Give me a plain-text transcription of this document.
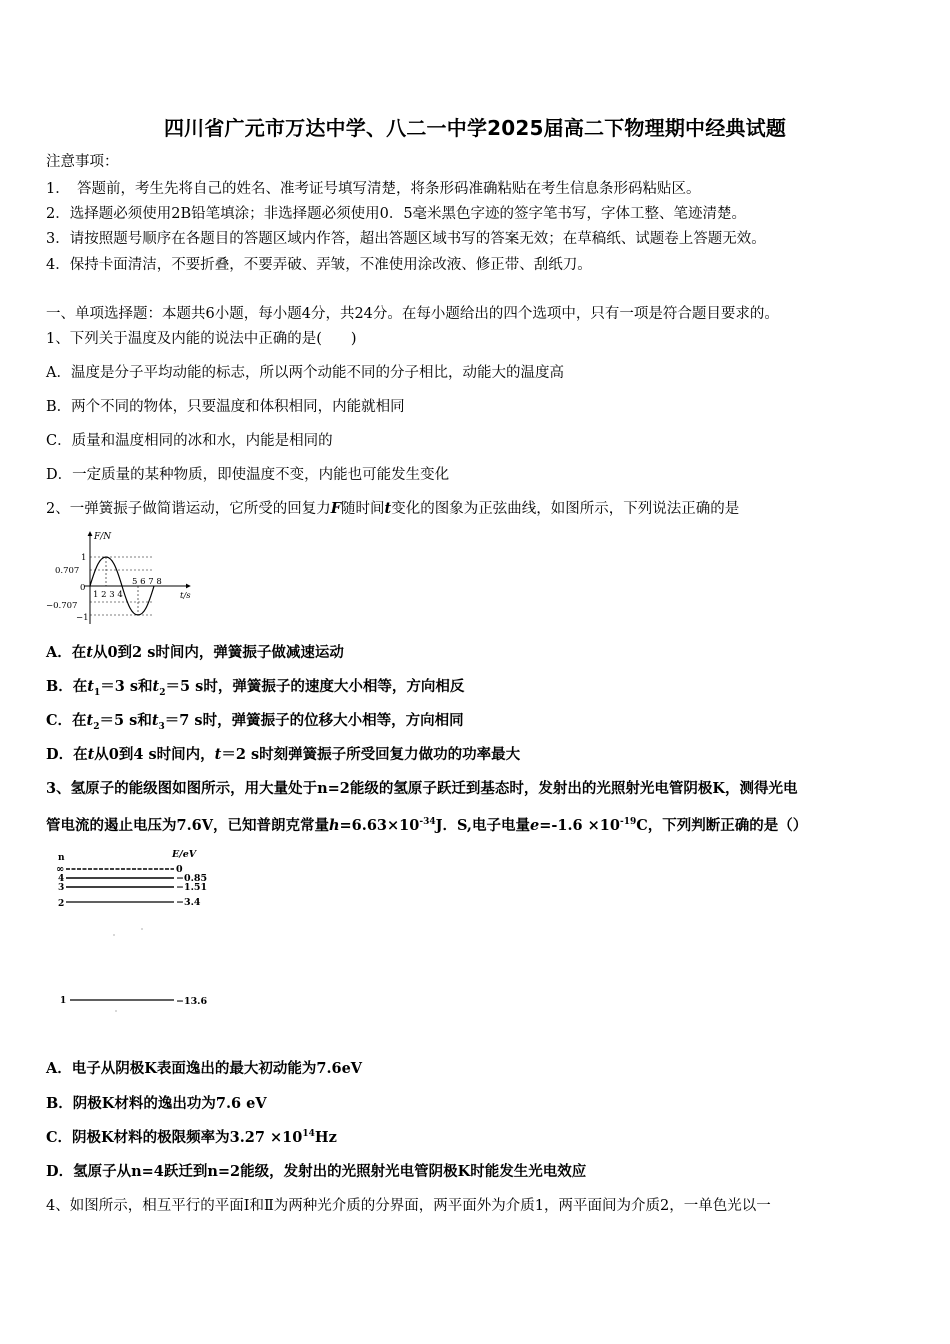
四川省广元市万达中学、八二一中学2025届高二下物理期中经典试题
注意事项：
1．　答题前，考生先将自己的姓名、准考证号填写清楚，将条形码准确粘贴在考生信息条形码粘贴区。
2．选择题必须使用2B铅笔填涂；非选择题必须使用0．5毫米黑色字迹的签字笔书写，字体工整、笔迹清楚。
3．请按照题号顺序在各题目的答题区域内作答，超出答题区域书写的答案无效；在草稿纸、试题卷上答题无效。
4．保持卡面清洁，不要折叠，不要弄破、弄皱，不准使用涂改液、修正带、刮纸刀。
一、单项选择题：本题共6小题，每小题4分，共24分。在每小题给出的四个选项中，只有一项是符合题目要求的。
1、下列关于温度及内能的说法中正确的是(　　)
A．温度是分子平均动能的标志，所以两个动能不同的分子相比，动能大的温度高
B．两个不同的物体，只要温度和体积相同，内能就相同
C．质量和温度相同的冰和水，内能是相同的
D．一定质量的某种物质，即使温度不变，内能也可能发生变化
2、一弹簧振子做简谐运动，它所受的回复力F随时间t变化的图象为正弦曲线，如图所示，下列说法正确的是
F/N
1
0.707
0
−0.707
−1
1 2 3 4
5 6 7 8
t/s
A．在t从0到2 s时间内，弹簧振子做减速运动
B．在$t_1=3$ s和$t_2=5$ s时，弹簧振子的速度大小相等，方向相反
C．在$t_2=5$ s和$t_3=7$ s时，弹簧振子的位移大小相等，方向相同
D．在t从0到4 s时间内，t＝2 s时刻弹簧振子所受回复力做功的功率最大
3、氢原子的能级图如图所示，用大量处于n=2能级的氢原子跃迁到基态时，发射出的光照射光电管阴极K，测得光电
管电流的遏止电压为7.6V，已知普朗克常量$h=6.63\times 10^{-34}J$．S,电子电量$e=-1.6 \times 10^{-19}C$，下列判断正确的是（）
n	E/eV
∞	0
4	−0.85
3	−1.51
2	−3.4
1	−13.6
A．电子从阴极K表面逸出的最大初动能为7.6eV
B．阴极K材料的逸出功为7.6 eV
C．阴极K材料的极限频率为$3.27 \times 10^{14}Hz$
D．氢原子从n=4跃迁到n=2能级，发射出的光照射光电管阴极K时能发生光电效应
4、如图所示，相互平行的平面Ⅰ和Ⅱ为两种光介质的分界面，两平面外为介质1，两平面间为介质2，一单色光以一
